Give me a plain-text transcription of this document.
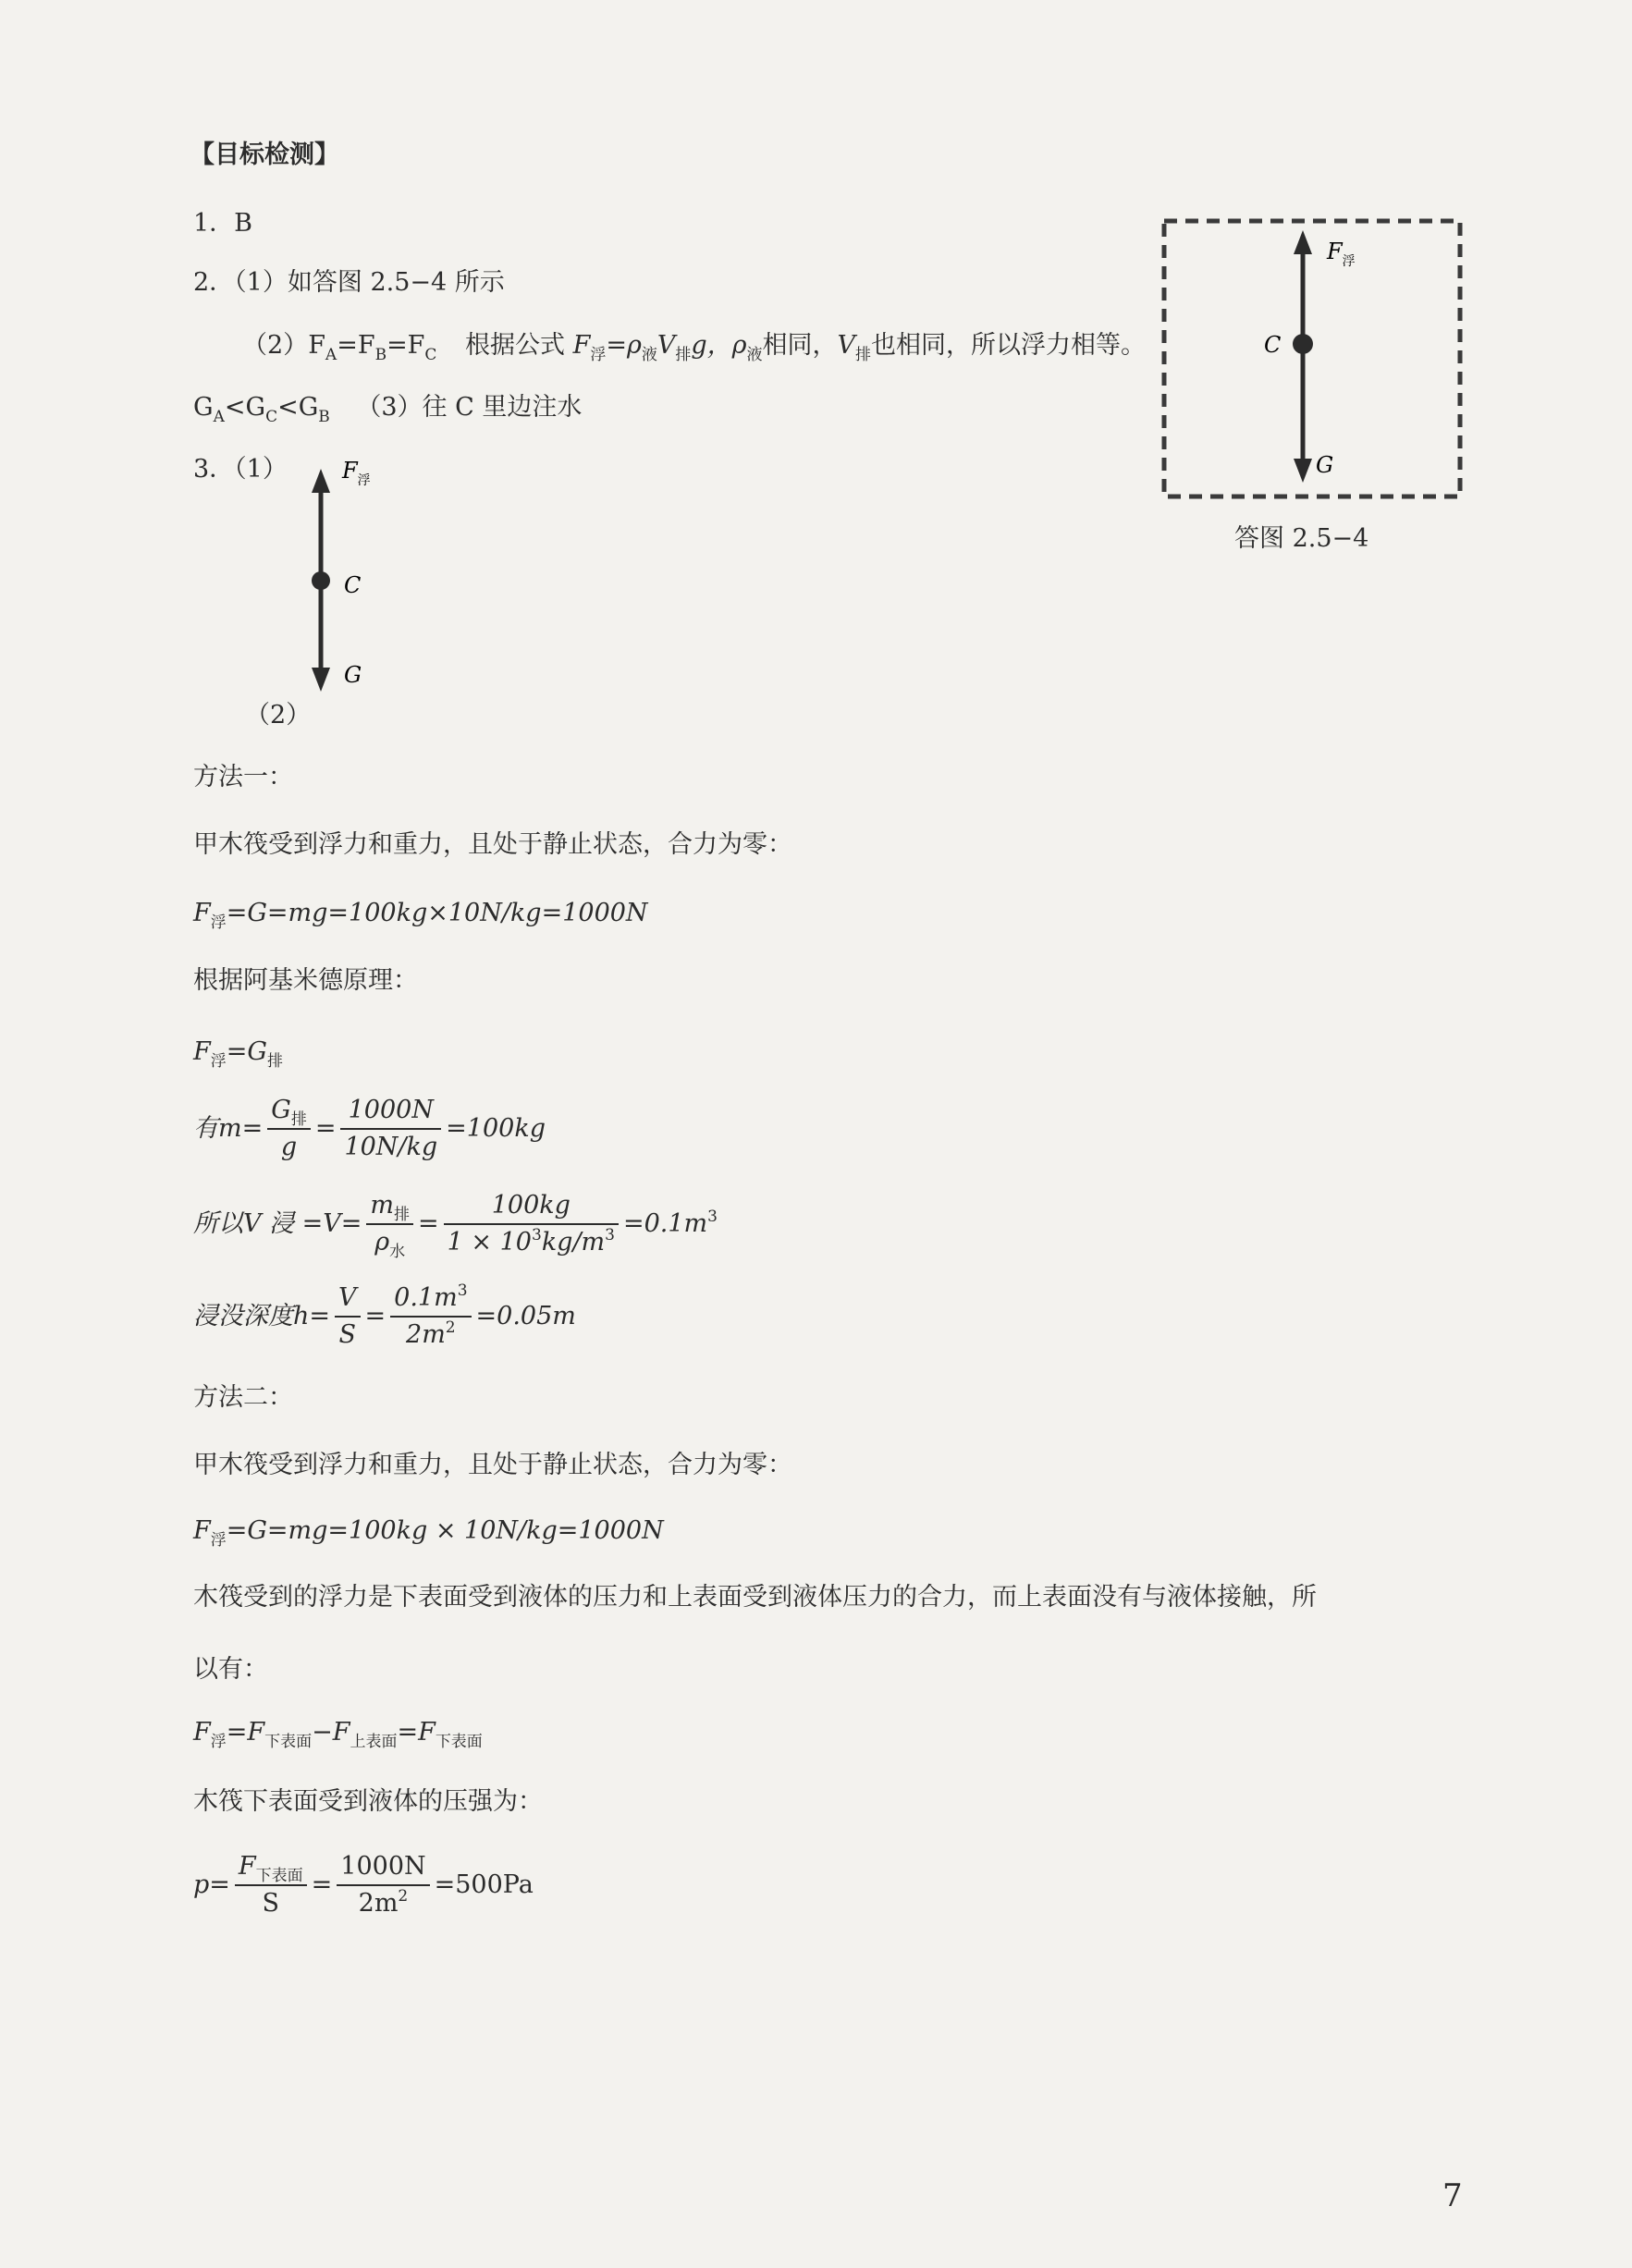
【目标检测】
1．B
2．（1）如答图 2.5−4 所示
$(2)F_A=F_B=F_C$ 根据公式 $F_浮=\rho_液V_排g$，$\rho_液$相同，$V_排$也相同，所以浮力相等。
$G_A<G_C<G_B$ （3）往 C 里边注水
3．（1）
（2）
$F_浮$
C
G
$F_浮$
C
G
答图 2.5−4
方法一：
甲木筏受到浮力和重力，且处于静止状态，合力为零：
$F_浮=G=mg=100kg\times 10N/kg=1000N$
根据阿基米德原理：
$F_浮=G_排$
有$m= \frac{G_排}{g} = \frac{1000N}{10N/kg} =100kg$
所以V 浸 $=V= \frac{m_排}{\rho_水} = \frac{100kg}{1 \times 10^3kg/m^3} =0.1m^3$
浸没深度$h= \frac{V}{S} = \frac{0.1m^3}{2m^2} =0.05m$
方法二：
甲木筏受到浮力和重力，且处于静止状态，合力为零：
$F_浮=G=mg=100kg \times 10N/kg=1000N$
木筏受到的浮力是下表面受到液体的压力和上表面受到液体压力的合力，而上表面没有与液体接触，所
以有：
$F_浮=F_{下表面}-F_{上表面}=F_{下表面}$
木筏下表面受到液体的压强为：
$p= \frac{F_{下表面}}{S} = \frac{1000N}{2m^2} =500Pa$
7
